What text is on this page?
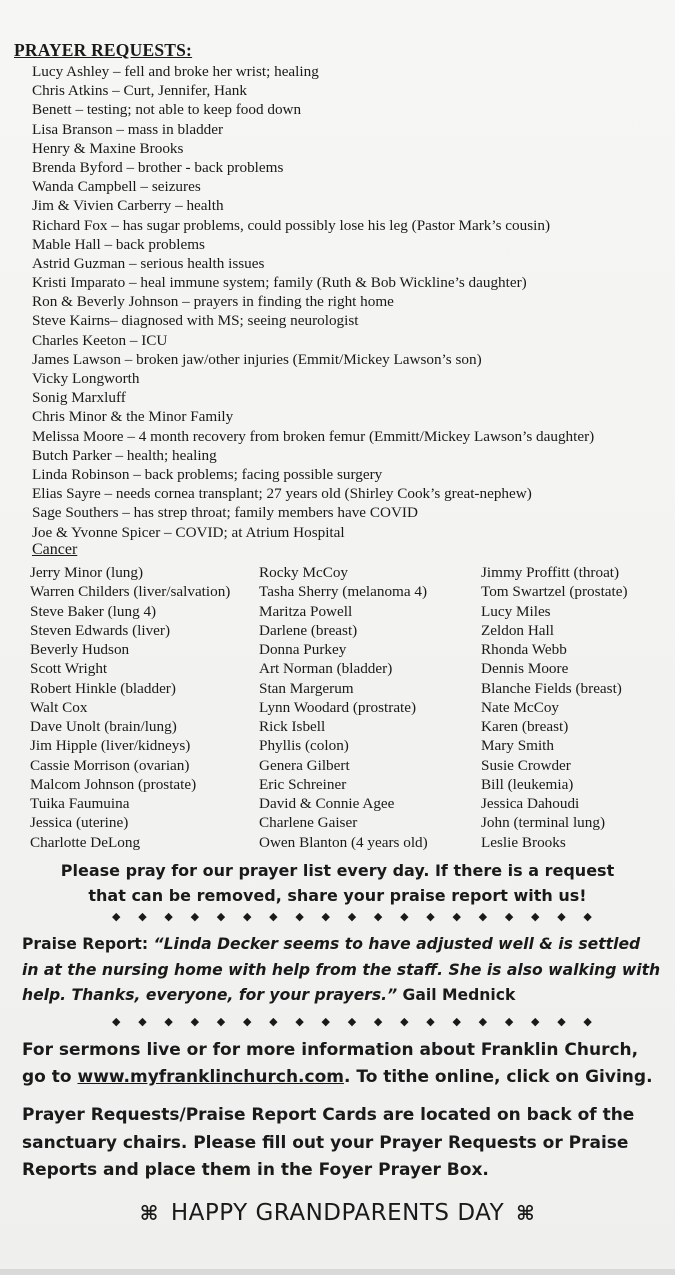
PRAYER REQUESTS:
Lucy Ashley – fell and broke her wrist; healing
Chris Atkins – Curt, Jennifer, Hank
Benett – testing; not able to keep food down
Lisa Branson – mass in bladder
Henry & Maxine Brooks
Brenda Byford – brother - back problems
Wanda Campbell – seizures
Jim & Vivien Carberry – health
Richard Fox – has sugar problems, could possibly lose his leg (Pastor Mark’s cousin)
Mable Hall – back problems
Astrid Guzman – serious health issues
Kristi Imparato – heal immune system; family (Ruth & Bob Wickline’s daughter)
Ron & Beverly Johnson – prayers in finding the right home
Steve Kairns– diagnosed with MS; seeing neurologist
Charles Keeton – ICU
James Lawson – broken jaw/other injuries (Emmit/Mickey Lawson’s son)
Vicky Longworth
Sonig Marxluff
Chris Minor & the Minor Family
Melissa Moore – 4 month recovery from broken femur (Emmitt/Mickey Lawson’s daughter)
Butch Parker – health; healing
Linda Robinson – back problems; facing possible surgery
Elias Sayre – needs cornea transplant; 27 years old (Shirley Cook’s great-nephew)
Sage Southers – has strep throat; family members have COVID
Joe & Yvonne Spicer – COVID; at Atrium Hospital
Cancer
Jerry Minor (lung)
Warren Childers (liver/salvation)
Steve Baker (lung 4)
Steven Edwards (liver)
Beverly Hudson
Scott Wright
Robert Hinkle (bladder)
Walt Cox
Dave Unolt (brain/lung)
Jim Hipple (liver/kidneys)
Cassie Morrison (ovarian)
Malcom Johnson (prostate)
Tuika Faumuina
Jessica (uterine)
Charlotte DeLong
Rocky McCoy
Tasha Sherry (melanoma 4)
Maritza Powell
Darlene (breast)
Donna Purkey
Art Norman (bladder)
Stan Margerum
Lynn Woodard (prostrate)
Rick Isbell
Phyllis (colon)
Genera Gilbert
Eric Schreiner
David & Connie Agee
Charlene Gaiser
Owen Blanton (4 years old)
Jimmy Proffitt (throat)
Tom Swartzel (prostate)
Lucy Miles
Zeldon Hall
Rhonda Webb
Dennis Moore
Blanche Fields (breast)
Nate McCoy
Karen (breast)
Mary Smith
Susie Crowder
Bill (leukemia)
Jessica Dahoudi
John (terminal lung)
Leslie Brooks
Please pray for our prayer list every day. If there is a request
that can be removed, share your praise report with us!
◆ ◆ ◆ ◆ ◆ ◆ ◆ ◆ ◆ ◆ ◆ ◆ ◆ ◆ ◆ ◆ ◆ ◆ ◆
Praise Report: “Linda Decker seems to have adjusted well & is settled in at the nursing home with help from the staff. She is also walking with help. Thanks, everyone, for your prayers.” Gail Mednick
◆ ◆ ◆ ◆ ◆ ◆ ◆ ◆ ◆ ◆ ◆ ◆ ◆ ◆ ◆ ◆ ◆ ◆ ◆
For sermons live or for more information about Franklin Church, go to www.myfranklinchurch.com. To tithe online, click on Giving.
Prayer Requests/Praise Report Cards are located on back of the sanctuary chairs. Please fill out your Prayer Requests or Praise Reports and place them in the Foyer Prayer Box.
⌘ HAPPY GRANDPARENTS DAY ⌘
